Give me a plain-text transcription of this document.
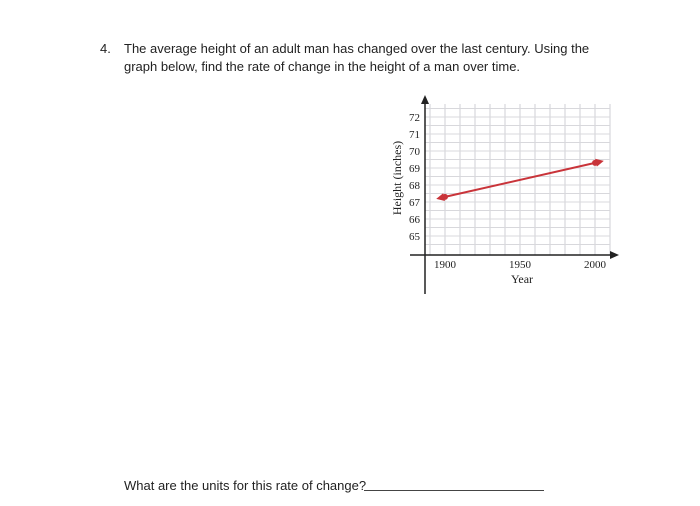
4. The average height of an adult man has changed over the last century. Using the graph below, find the rate of change in the height of a man over time.
65
66
67
68
69
70
71
72
1900	1950	2000
Year
Height (inches)
What are the units for this rate of change?
